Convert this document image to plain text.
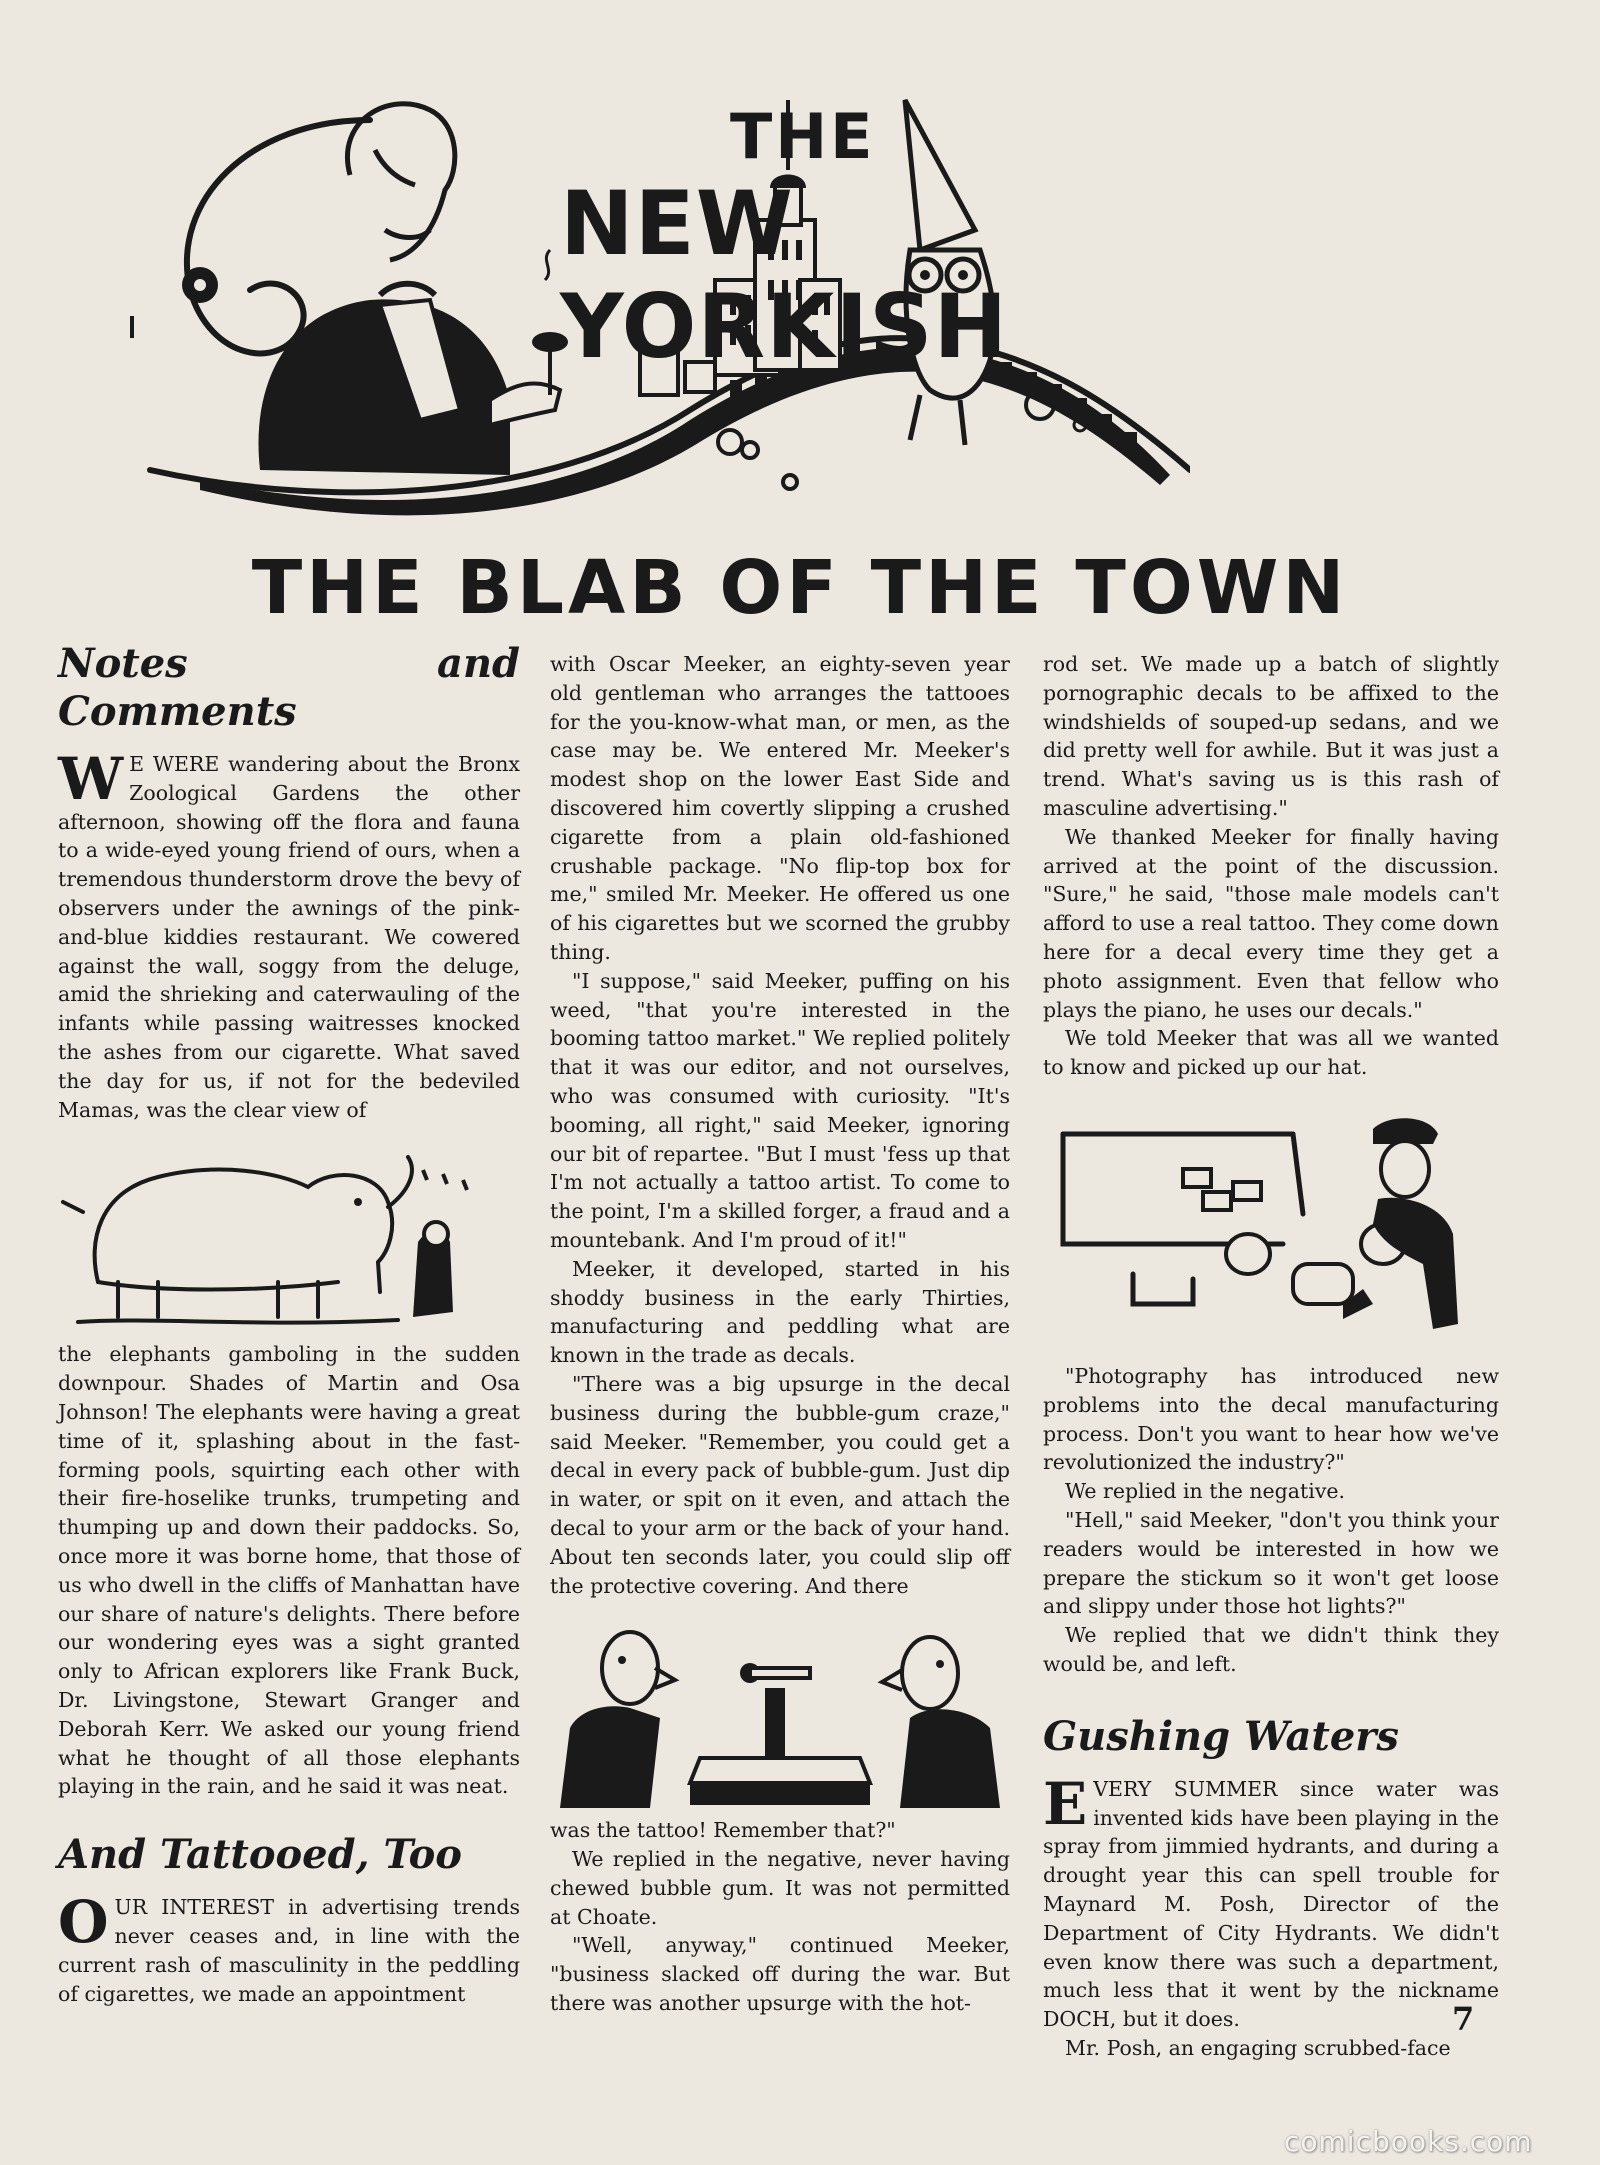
THE
NEW YORKISH
THE BLAB OF THE TOWN
Notes and Comments

W E WERE wandering about the Bronx Zoological Gardens the other afternoon, showing off the flora and fauna to a wide-eyed young friend of ours, when a tremendous thunderstorm drove the bevy of observers under the awnings of the pink-and-blue kiddies restaurant. We cowered against the wall, soggy from the deluge, amid the shrieking and caterwauling of the infants while passing waitresses knocked the ashes from our cigarette. What saved the day for us, if not for the bedeviled Mamas, was the clear view of

the elephants gamboling in the sudden downpour. Shades of Martin and Osa Johnson! The elephants were having a great time of it, splashing about in the fast-forming pools, squirting each other with their fire-hoselike trunks, trumpeting and thumping up and down their paddocks. So, once more it was borne home, that those of us who dwell in the cliffs of Manhattan have our share of nature's delights. There before our wondering eyes was a sight granted only to African explorers like Frank Buck, Dr. Livingstone, Stewart Granger and Deborah Kerr. We asked our young friend what he thought of all those elephants playing in the rain, and he said it was neat.

And Tattooed, Too

O UR INTEREST in advertising trends never ceases and, in line with the current rash of masculinity in the peddling of cigarettes, we made an appointment

with Oscar Meeker, an eighty-seven year old gentleman who arranges the tattooes for the you-know-what man, or men, as the case may be. We entered Mr. Meeker's modest shop on the lower East Side and discovered him covertly slipping a crushed cigarette from a plain old-fashioned crushable package. "No flip-top box for me," smiled Mr. Meeker. He offered us one of his cigarettes but we scorned the grubby thing.

"I suppose," said Meeker, puffing on his weed, "that you're interested in the booming tattoo market." We replied politely that it was our editor, and not ourselves, who was consumed with curiosity. "It's booming, all right," said Meeker, ignoring our bit of repartee. "But I must 'fess up that I'm not actually a tattoo artist. To come to the point, I'm a skilled forger, a fraud and a mountebank. And I'm proud of it!"

Meeker, it developed, started in his shoddy business in the early Thirties, manufacturing and peddling what are known in the trade as decals.

"There was a big upsurge in the decal business during the bubble-gum craze," said Meeker. "Remember, you could get a decal in every pack of bubble-gum. Just dip in water, or spit on it even, and attach the decal to your arm or the back of your hand. About ten seconds later, you could slip off the protective covering. And there

was the tattoo! Remember that?"

We replied in the negative, never having chewed bubble gum. It was not permitted at Choate.

"Well, anyway," continued Meeker, "business slacked off during the war. But there was another upsurge with the hot-

rod set. We made up a batch of slightly pornographic decals to be affixed to the windshields of souped-up sedans, and we did pretty well for awhile. But it was just a trend. What's saving us is this rash of masculine advertising."

We thanked Meeker for finally having arrived at the point of the discussion. "Sure," he said, "those male models can't afford to use a real tattoo. They come down here for a decal every time they get a photo assignment. Even that fellow who plays the piano, he uses our decals."

We told Meeker that was all we wanted to know and picked up our hat.

"Photography has introduced new problems into the decal manufacturing process. Don't you want to hear how we've revolutionized the industry?"

We replied in the negative.

"Hell," said Meeker, "don't you think your readers would be interested in how we prepare the stickum so it won't get loose and slippy under those hot lights?"

We replied that we didn't think they would be, and left.

Gushing Waters

E VERY SUMMER since water was invented kids have been playing in the spray from jimmied hydrants, and during a drought year this can spell trouble for Maynard M. Posh, Director of the Department of City Hydrants. We didn't even know there was such a department, much less that it went by the nickname DOCH, but it does.

Mr. Posh, an engaging scrubbed-face

7
comicbooks.com
